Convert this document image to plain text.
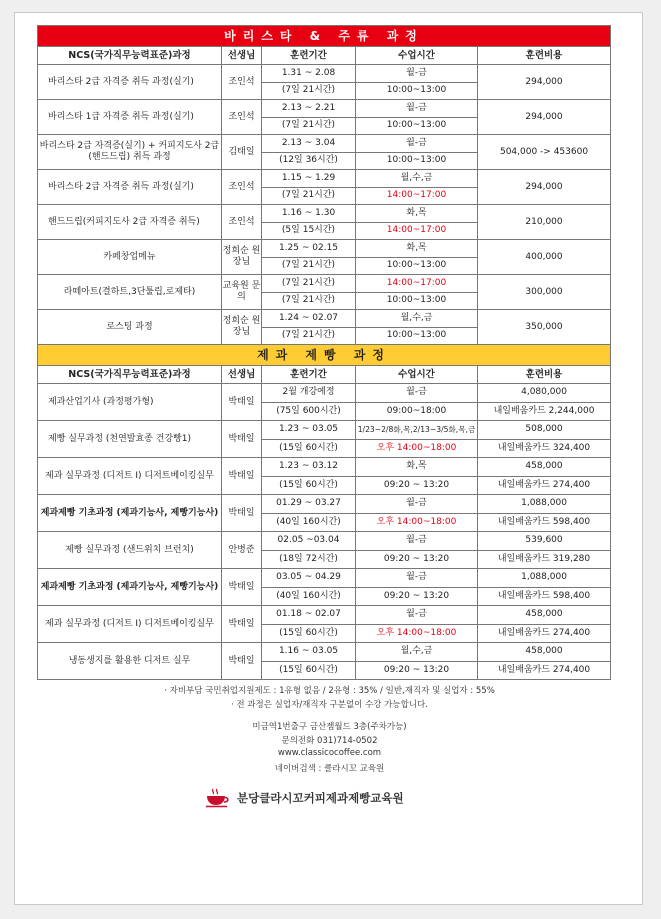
바리스타 & 주류 과정				
NCS(국가직무능력표준)과정	선생님	훈련기간	수업시간	훈련비용
바리스타 2급 자격증 취득 과정(실기)	조인석	1.31 ~ 2.08	월-금	294,000
		(7일 21시간)	10:00~13:00	
바리스타 1급 자격증 취득 과정(실기)	조인석	2.13 ~ 2.21	월-금	294,000
		(7일 21시간)	10:00~13:00	
바리스타 2급 자격증(실기) + 커피지도사 2급(핸드드립) 취득 과정	김태일	2.13 ~ 3.04	월-금	504,000 -> 453600
		(12일 36시간)	10:00~13:00	
바리스타 2급 자격증 취득 과정(실기)	조인석	1.15 ~ 1.29	월,수,금	294,000
		(7일 21시간)	14:00~17:00	
핸드드립(커피지도사 2급 자격증 취득)	조인석	1.16 ~ 1.30	화,목	210,000
		(5일 15시간)	14:00~17:00	
카페창업메뉴	정희순 원장님	1.25 ~ 02.15	화,목	400,000
		(7일 21시간)	10:00~13:00	
라떼아트(결하트,3단툴립,로제타)	교육원 문의	(7일 21시간)	14:00~17:00	300,000
		(7일 21시간)	10:00~13:00	
로스팅 과정	정희순 원장님	1.24 ~ 02.07	월,수,금	350,000
		(7일 21시간)	10:00~13:00	
제과 제빵 과정				
NCS(국가직무능력표준)과정	선생님	훈련기간	수업시간	훈련비용
제과산업기사 (과정평가형)	박태일	2월 개강예정	월-금	4,080,000
		(75일 600시간)	09:00~18:00	내일배움카드 2,244,000
제빵 실무과정 (천연발효종 건강빵1)	박태일	1.23 ~ 03.05	1/23~2/8화,목,2/13~3/5화,목,금	508,000
		(15일 60시간)	오후 14:00~18:00	내일배움카드 324,400
제과 실무과정 (디저트 I) 디저트베이킹실무	박태일	1.23 ~ 03.12	화,목	458,000
		(15일 60시간)	09:20 ~ 13:20	내일배움카드 274,400
제과제빵 기초과정 (제과기능사, 제빵기능사)	박태일	01.29 ~ 03.27	월-금	1,088,000
		(40일 160시간)	오후 14:00~18:00	내일배움카드 598,400
제빵 실무과정 (샌드위치 브런치)	안병준	02.05 ~03.04	월-금	539,600
		(18일 72시간)	09:20 ~ 13:20	내일배움카드 319,280
제과제빵 기초과정 (제과기능사, 제빵기능사)	박태일	03.05 ~ 04.29	월-금	1,088,000
		(40일 160시간)	09:20 ~ 13:20	내일배움카드 598,400
제과 실무과정 (디저트 I) 디저트베이킹실무	박태일	01.18 ~ 02.07	월-금	458,000
		(15일 60시간)	오후 14:00~18:00	내일배움카드 274,400
냉동생지를 활용한 디저트 실무	박태일	1.16 ~ 03.05	월,수,금	458,000
		(15일 60시간)	09:20 ~ 13:20	내일배움카드 274,400
· 자비부담 국민취업지원제도 : 1유형 없음 / 2유형 : 35% / 일반,재직자 및 실업자 : 55%
· 전 과정은 실업자/재직자 구분없이 수강 가능합니다.
미금역1번출구 금산젬월드 3층(주차가능)
문의전화 031)714-0502
www.classicocoffee.com
네이버검색 : 클라시꼬 교육원
분당클라시꼬커피제과제빵교육원
